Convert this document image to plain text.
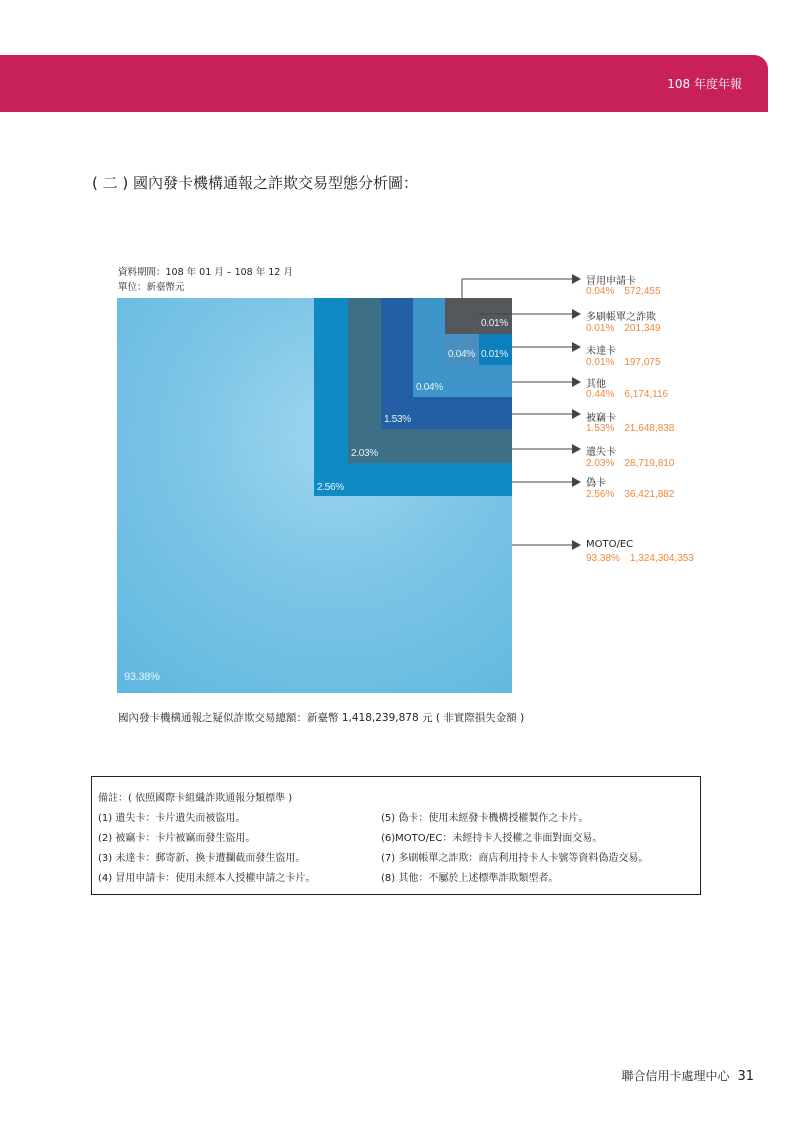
108 年度年報
( 二 ) 國內發卡機構通報之詐欺交易型態分析圖：
資料期間：108 年 01 月 – 108 年 12 月
單位：新臺幣元
93.38%
2.56%
2.03%
1.53%
0.04%
0.04% 0.01%
0.01%
冒用申請卡
0.04% 572,455
多刷帳單之詐欺
0.01% 201,349
未達卡
0.01% 197,075
其他
0.44% 6,174,116
被竊卡
1.53% 21,648,838
遺失卡
2.03% 28,719,810
偽卡
2.56% 36,421,882
MOTO/EC
93.38% 1,324,304,353
國內發卡機構通報之疑似詐欺交易總額：新臺幣 1,418,239,878 元 ( 非實際損失金額 )
備註：( 依照國際卡組織詐欺通報分類標準 )
(1) 遺失卡：卡片遺失而被盜用。
(2) 被竊卡：卡片被竊而發生盜用。
(3) 未達卡：郵寄新、換卡遭攔截而發生盜用。
(4) 冒用申請卡：使用未經本人授權申請之卡片。
(5) 偽卡：使用未經發卡機構授權製作之卡片。
(6)MOTO/EC：未經持卡人授權之非面對面交易。
(7) 多刷帳單之詐欺：商店利用持卡人卡號等資料偽造交易。
(8) 其他：不屬於上述標準詐欺類型者。
聯合信用卡處理中心 31
